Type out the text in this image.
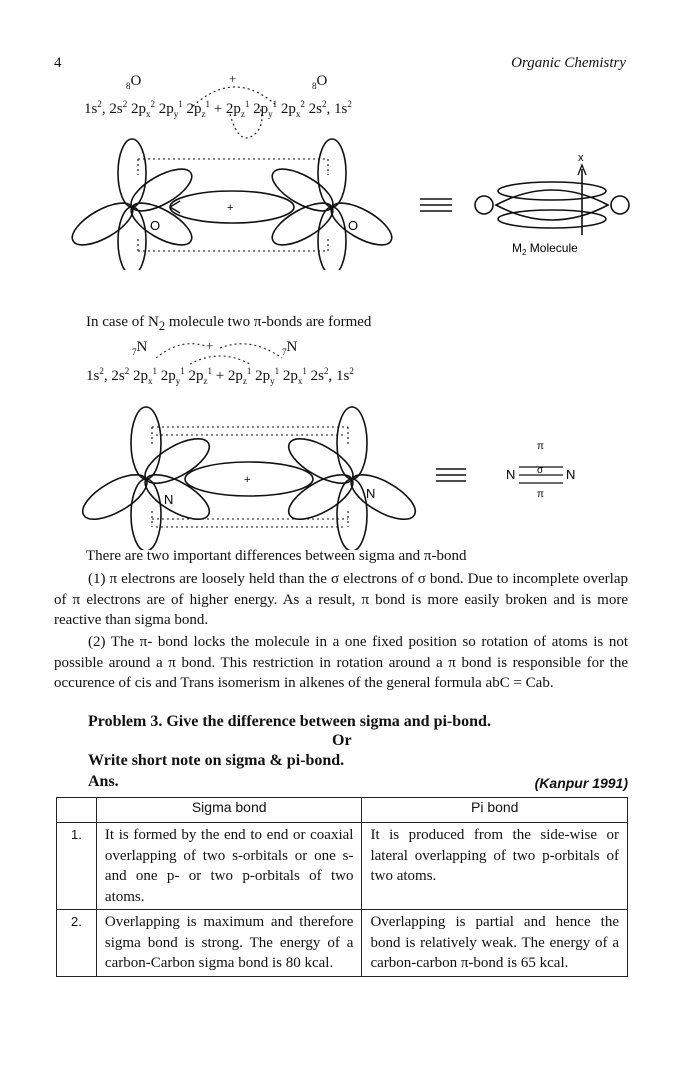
4	Organic Chemistry
$_8$O	$_8$O
+
$1s^2$, $2s^2$ $2p_x^2$ $2p_y^1$ $2p_z^1 + 2p_z^1$ $2p_y^1$ $2p_x^2$ $2s^2$, $1s^2$
O	O
+
x
$M_2$ Molecule
In case of $N_2$ molecule two π-bonds are formed
$_7$N	$_7$N
+
$1s^2$, $2s^2$ $2p_x^1$ $2p_y^1$ $2p_z^1 + 2p_z^1$ $2p_y^1$ $2p_x^1$ $2s^2$, $1s^2$
N	N
+	N	N
π
σ
π
There are two important differences between sigma and π-bond
(1) π electrons are loosely held than the σ electrons of σ bond. Due to incomplete overlap of π electrons are of higher energy. As a result, π bond is more easily broken and is more reactive than sigma bond.
(2) The π- bond locks the molecule in a one fixed position so rotation of atoms is not possible around a π bond. This restriction in rotation around a π bond is responsible for the occurence of cis and Trans isomerism in alkenes of the general formula abC = Cab.
Problem 3. Give the difference between sigma and pi-bond.
Or
Write short note on sigma & pi-bond.
Ans.	(Kanpur 1991)
	Sigma bond	Pi bond
1.	It is formed by the end to end or coaxial overlapping of two s-orbitals or one s-and one p- or two p-orbitals of two atoms.	It is produced from the side-wise or lateral overlapping of two p-orbitals of two atoms.
2.	Overlapping is maximum and therefore sigma bond is strong. The energy of a carbon-Carbon sigma bond is 80 kcal.	Overlapping is partial and hence the bond is relatively weak. The energy of a carbon-carbon π-bond is 65 kcal.
